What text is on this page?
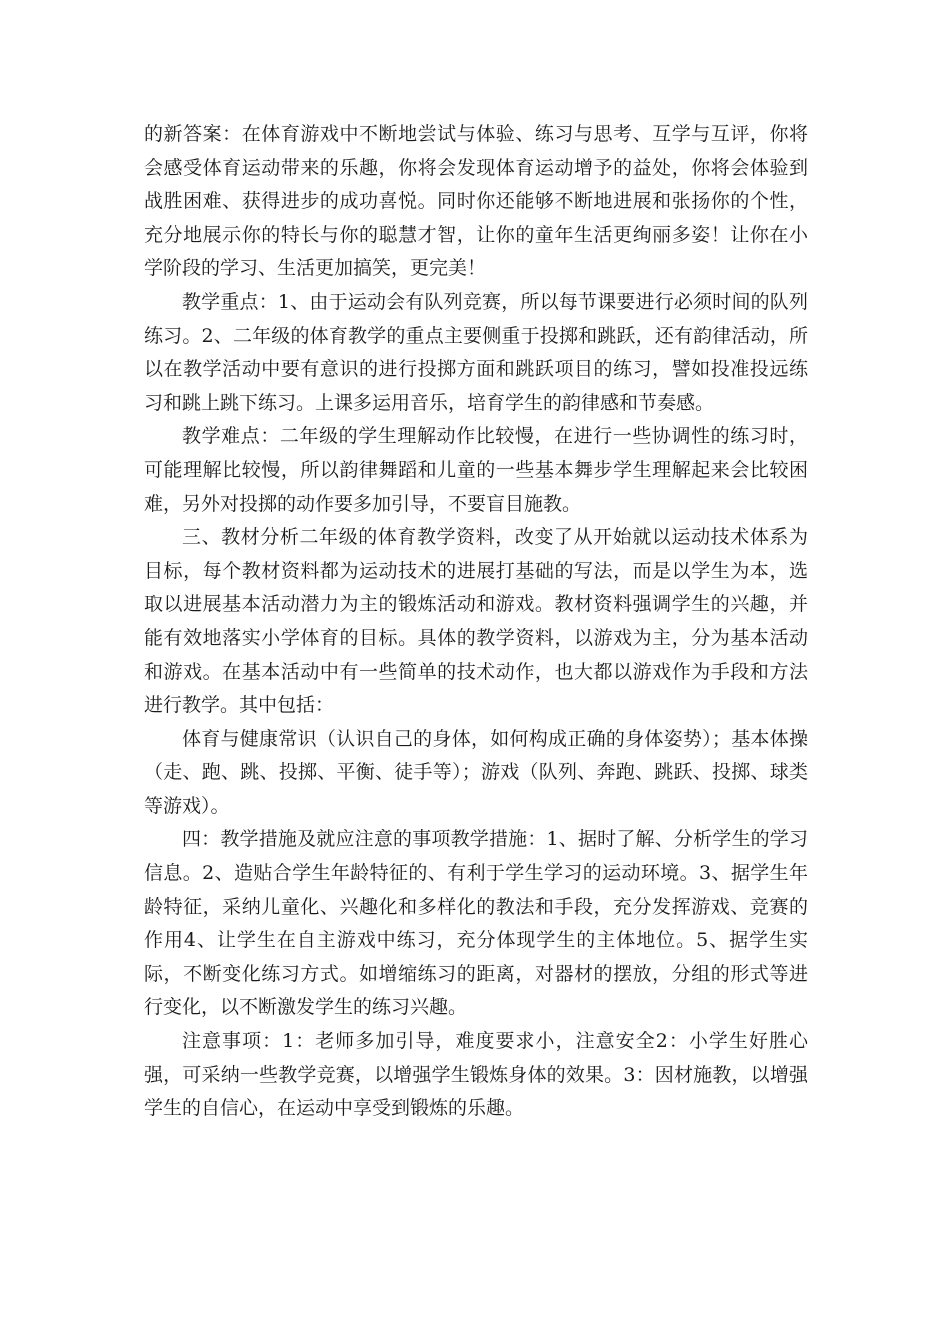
的新答案：在体育游戏中不断地尝试与体验、练习与思考、互学与互评，你将会感受体育运动带来的乐趣，你将会发现体育运动增予的益处，你将会体验到战胜困难、获得进步的成功喜悦。同时你还能够不断地进展和张扬你的个性，充分地展示你的特长与你的聪慧才智，让你的童年生活更绚丽多姿！让你在小学阶段的学习、生活更加搞笑，更完美！

教学重点：1、由于运动会有队列竞赛，所以每节课要进行必须时间的队列练习。2、二年级的体育教学的重点主要侧重于投掷和跳跃，还有韵律活动，所以在教学活动中要有意识的进行投掷方面和跳跃项目的练习，譬如投准投远练习和跳上跳下练习。上课多运用音乐，培育学生的韵律感和节奏感。

教学难点：二年级的学生理解动作比较慢，在进行一些协调性的练习时，可能理解比较慢，所以韵律舞蹈和儿童的一些基本舞步学生理解起来会比较困难，另外对投掷的动作要多加引导，不要盲目施教。

三、教材分析二年级的体育教学资料，改变了从开始就以运动技术体系为目标，每个教材资料都为运动技术的进展打基础的写法，而是以学生为本，选取以进展基本活动潜力为主的锻炼活动和游戏。教材资料强调学生的兴趣，并能有效地落实小学体育的目标。具体的教学资料，以游戏为主，分为基本活动和游戏。在基本活动中有一些简单的技术动作，也大都以游戏作为手段和方法进行教学。其中包括：

体育与健康常识（认识自己的身体，如何构成正确的身体姿势）；基本体操（走、跑、跳、投掷、平衡、徒手等）；游戏（队列、奔跑、跳跃、投掷、球类等游戏）。

四：教学措施及就应注意的事项教学措施：1、据时了解、分析学生的学习信息。2、造贴合学生年龄特征的、有利于学生学习的运动环境。3、据学生年龄特征，采纳儿童化、兴趣化和多样化的教法和手段，充分发挥游戏、竞赛的作用4、让学生在自主游戏中练习，充分体现学生的主体地位。5、据学生实际，不断变化练习方式。如增缩练习的距离，对器材的摆放，分组的形式等进行变化，以不断激发学生的练习兴趣。

注意事项：1：老师多加引导，难度要求小，注意安全2：小学生好胜心强，可采纳一些教学竞赛，以增强学生锻炼身体的效果。3：因材施教，以增强学生的自信心，在运动中享受到锻炼的乐趣。
